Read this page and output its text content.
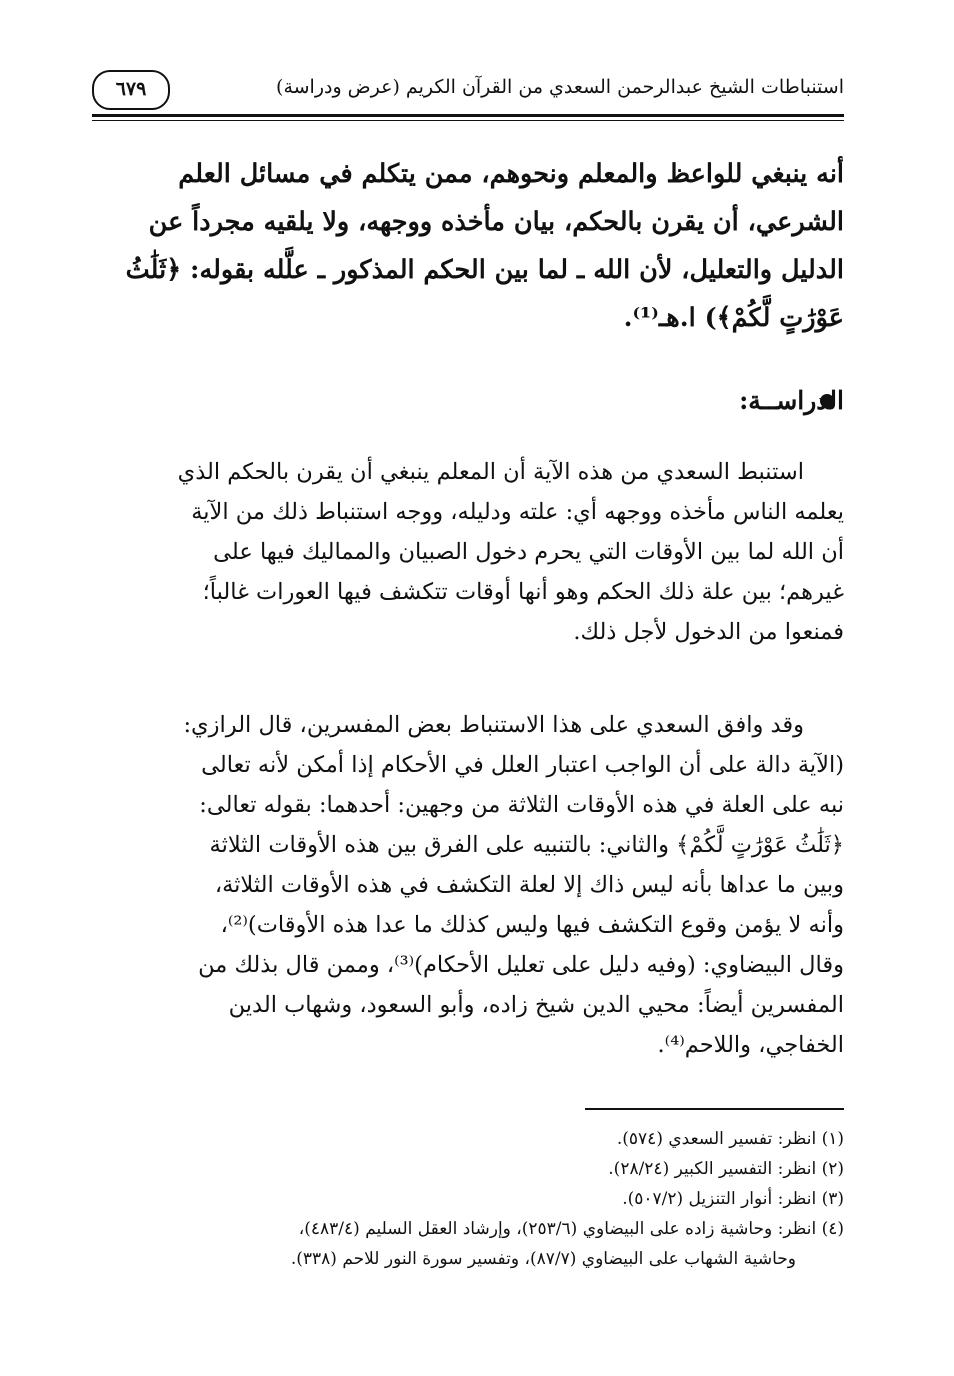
٦٧٩	استنباطات الشيخ عبدالرحمن السعدي من القرآن الكريم (عرض ودراسة)
أنه ينبغي للواعظ والمعلم ونحوهم، ممن يتكلم في مسائل العلم
الشرعي، أن يقرن بالحكم، بيان مأخذه ووجهه، ولا يلقيه مجرداً عن
الدليل والتعليل، لأن الله ـ لما بين الحكم المذكور ـ علَّله بقوله: ﴿ثَلَٰثُ
عَوْرَٰتٍ لَّكُمْ﴾) ا.هـ⁽¹⁾.
الدراســة:
استنبط السعدي من هذه الآية أن المعلم ينبغي أن يقرن بالحكم الذي
يعلمه الناس مأخذه ووجهه أي: علته ودليله، ووجه استنباط ذلك من الآية
أن الله لما بين الأوقات التي يحرم دخول الصبيان والمماليك فيها على
غيرهم؛ بين علة ذلك الحكم وهو أنها أوقات تتكشف فيها العورات غالباً؛
فمنعوا من الدخول لأجل ذلك.
وقد وافق السعدي على هذا الاستنباط بعض المفسرين، قال الرازي:
(الآية دالة على أن الواجب اعتبار العلل في الأحكام إذا أمكن لأنه تعالى
نبه على العلة في هذه الأوقات الثلاثة من وجهين: أحدهما: بقوله تعالى:
﴿ثَلَٰثُ عَوْرَٰتٍ لَّكُمْ﴾ والثاني: بالتنبيه على الفرق بين هذه الأوقات الثلاثة
وبين ما عداها بأنه ليس ذاك إلا لعلة التكشف في هذه الأوقات الثلاثة،
وأنه لا يؤمن وقوع التكشف فيها وليس كذلك ما عدا هذه الأوقات)⁽²⁾،
وقال البيضاوي: (وفيه دليل على تعليل الأحكام)⁽³⁾، وممن قال بذلك من
المفسرين أيضاً: محيي الدين شيخ زاده، وأبو السعود، وشهاب الدين
الخفاجي، واللاحم⁽⁴⁾.
(١) انظر: تفسير السعدي (٥٧٤).
(٢) انظر: التفسير الكبير (٢٨/٢٤).
(٣) انظر: أنوار التنزيل (٥٠٧/٢).
(٤) انظر: وحاشية زاده على البيضاوي (٢٥٣/٦)، وإرشاد العقل السليم (٤٨٣/٤)،
وحاشية الشهاب على البيضاوي (٨٧/٧)، وتفسير سورة النور للاحم (٣٣٨).
